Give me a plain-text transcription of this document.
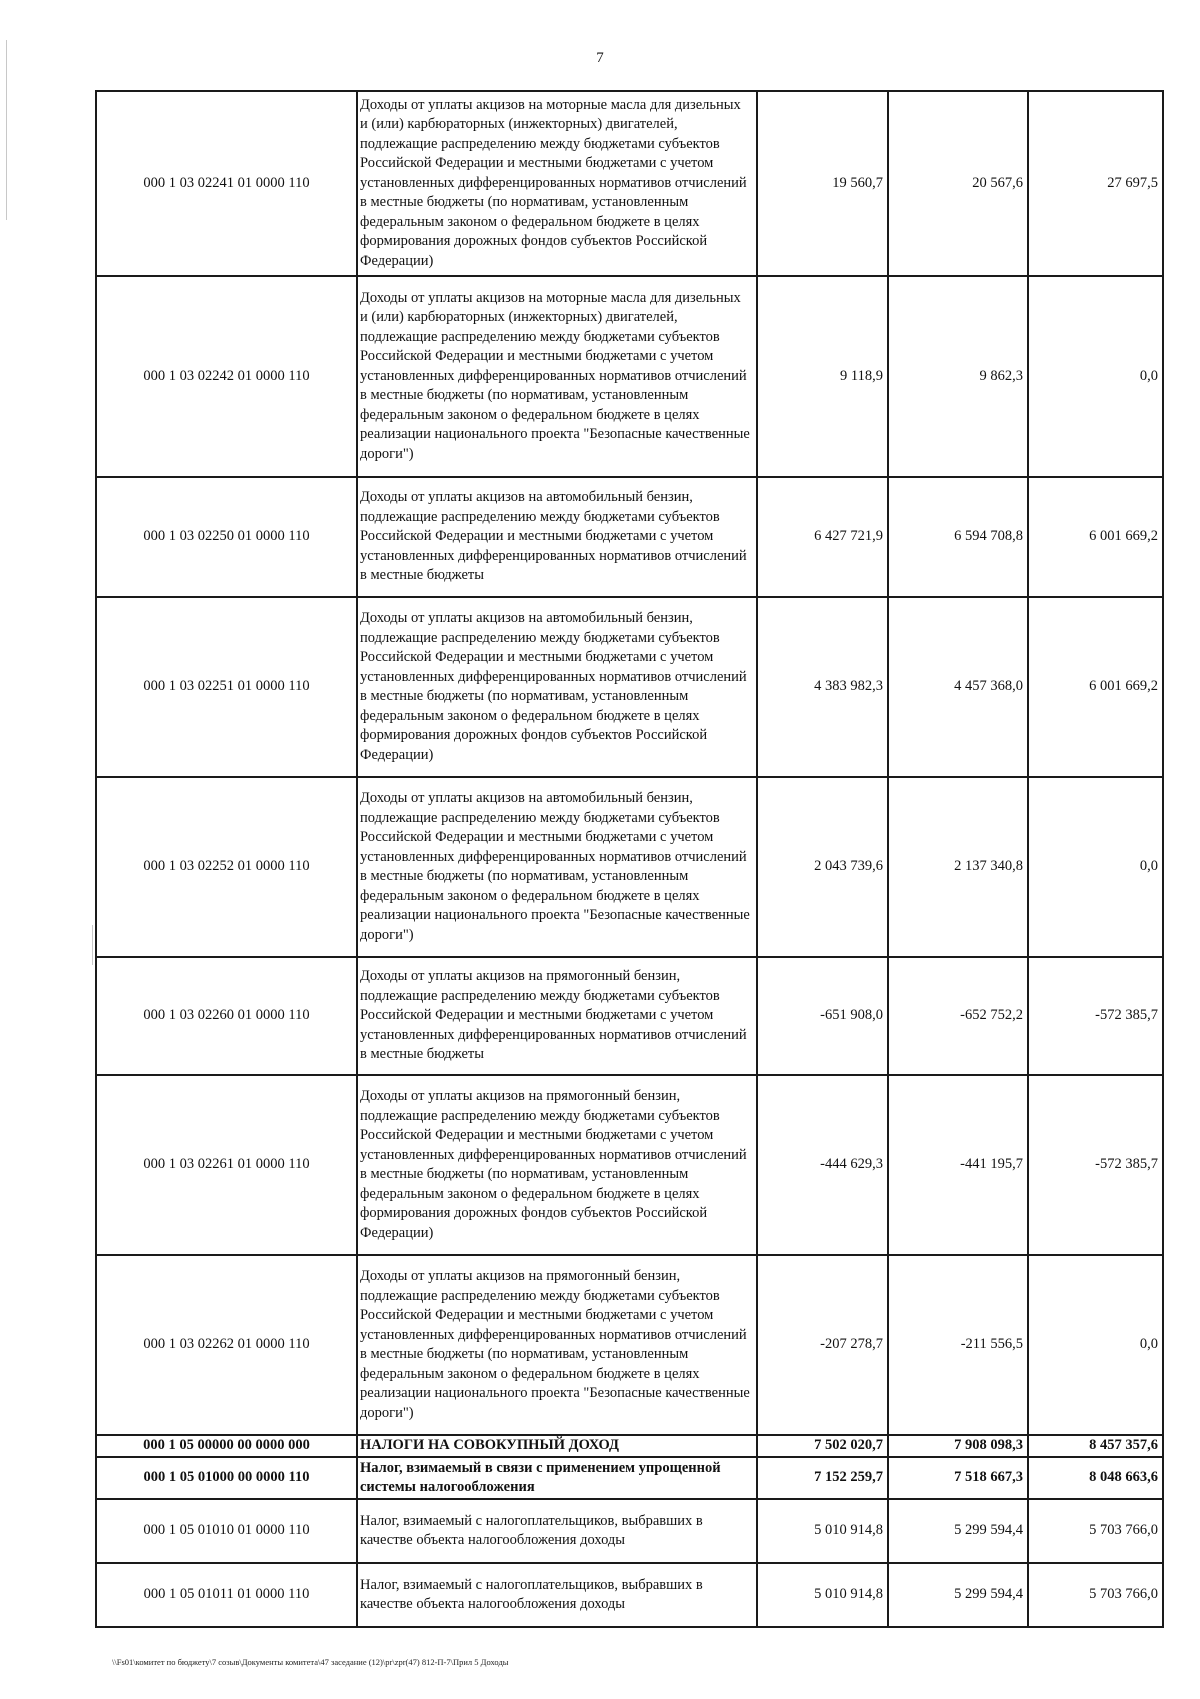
7
000 1 03 02241 01 0000 110	Доходы от уплаты акцизов на моторные масла для дизельных и (или) карбюраторных (инжекторных) двигателей, подлежащие распределению между бюджетами субъектов Российской Федерации и местными бюджетами с учетом установленных дифференцированных нормативов отчислений в местные бюджеты (по нормативам, установленным федеральным законом о федеральном бюджете в целях формирования дорожных фондов субъектов Российской Федерации)	19 560,7	20 567,6	27 697,5
000 1 03 02242 01 0000 110	Доходы от уплаты акцизов на моторные масла для дизельных и (или) карбюраторных (инжекторных) двигателей, подлежащие распределению между бюджетами субъектов Российской Федерации и местными бюджетами с учетом установленных дифференцированных нормативов отчислений в местные бюджеты (по нормативам, установленным федеральным законом о федеральном бюджете в целях реализации национального проекта "Безопасные качественные дороги")	9 118,9	9 862,3	0,0
000 1 03 02250 01 0000 110	Доходы от уплаты акцизов на автомобильный бензин, подлежащие распределению между бюджетами субъектов Российской Федерации и местными бюджетами с учетом установленных дифференцированных нормативов отчислений в местные бюджеты	6 427 721,9	6 594 708,8	6 001 669,2
000 1 03 02251 01 0000 110	Доходы от уплаты акцизов на автомобильный бензин, подлежащие распределению между бюджетами субъектов Российской Федерации и местными бюджетами с учетом установленных дифференцированных нормативов отчислений в местные бюджеты (по нормативам, установленным федеральным законом о федеральном бюджете в целях формирования дорожных фондов субъектов Российской Федерации)	4 383 982,3	4 457 368,0	6 001 669,2
000 1 03 02252 01 0000 110	Доходы от уплаты акцизов на автомобильный бензин, подлежащие распределению между бюджетами субъектов Российской Федерации и местными бюджетами с учетом установленных дифференцированных нормативов отчислений в местные бюджеты (по нормативам, установленным федеральным законом о федеральном бюджете в целях реализации национального проекта "Безопасные качественные дороги")	2 043 739,6	2 137 340,8	0,0
000 1 03 02260 01 0000 110	Доходы от уплаты акцизов на прямогонный бензин, подлежащие распределению между бюджетами субъектов Российской Федерации и местными бюджетами с учетом установленных дифференцированных нормативов отчислений в местные бюджеты	-651 908,0	-652 752,2	-572 385,7
000 1 03 02261 01 0000 110	Доходы от уплаты акцизов на прямогонный бензин, подлежащие распределению между бюджетами субъектов Российской Федерации и местными бюджетами с учетом установленных дифференцированных нормативов отчислений в местные бюджеты (по нормативам, установленным федеральным законом о федеральном бюджете в целях формирования дорожных фондов субъектов Российской Федерации)	-444 629,3	-441 195,7	-572 385,7
000 1 03 02262 01 0000 110	Доходы от уплаты акцизов на прямогонный бензин, подлежащие распределению между бюджетами субъектов Российской Федерации и местными бюджетами с учетом установленных дифференцированных нормативов отчислений в местные бюджеты (по нормативам, установленным федеральным законом о федеральном бюджете в целях реализации национального проекта "Безопасные качественные дороги")	-207 278,7	-211 556,5	0,0
000 1 05 00000 00 0000 000	НАЛОГИ НА СОВОКУПНЫЙ ДОХОД	7 502 020,7	7 908 098,3	8 457 357,6
000 1 05 01000 00 0000 110	Налог, взимаемый в связи с применением упрощенной системы налогообложения	7 152 259,7	7 518 667,3	8 048 663,6
000 1 05 01010 01 0000 110	Налог, взимаемый с налогоплательщиков, выбравших в качестве объекта налогообложения доходы	5 010 914,8	5 299 594,4	5 703 766,0
000 1 05 01011 01 0000 110	Налог, взимаемый с налогоплательщиков, выбравших в качестве объекта налогообложения доходы	5 010 914,8	5 299 594,4	5 703 766,0
\\Fs01\комитет по бюджету\7 созыв\Документы комитета\47 заседание (12)\pr\zpr(47) 812-П-7\Прил 5 Доходы
